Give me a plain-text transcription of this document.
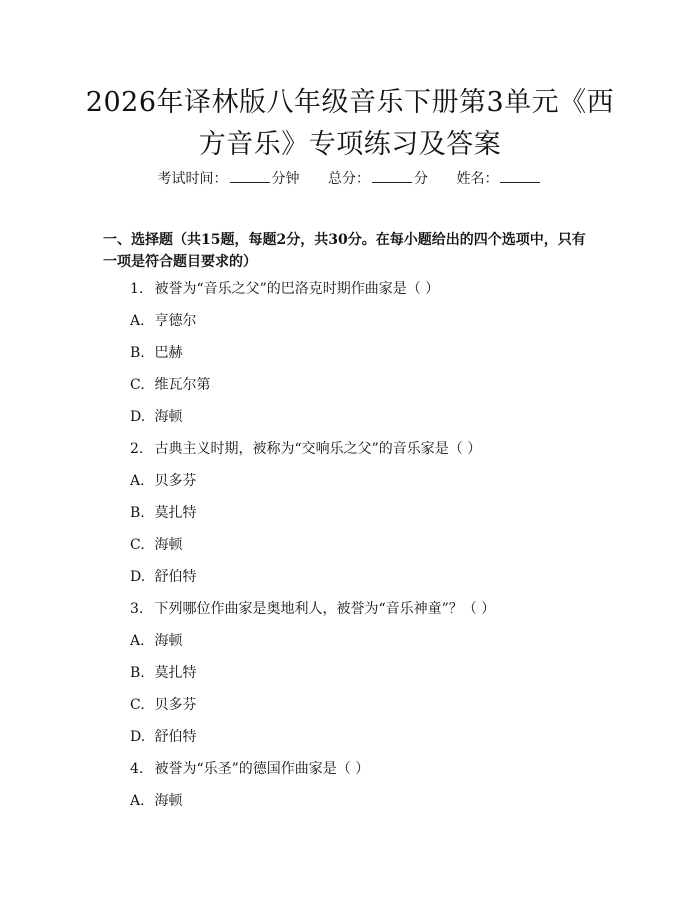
2026年译林版八年级音乐下册第3单元《西
方音乐》专项练习及答案
考试时间：	分钟 总分：	分 姓名：
一、选择题（共15题，每题2分，共30分。在每小题给出的四个选项中，只有
一项是符合题目要求的）
1. 被誉为“音乐之父”的巴洛克时期作曲家是（ ）
A. 亨德尔
B. 巴赫
C. 维瓦尔第
D. 海顿
2. 古典主义时期，被称为“交响乐之父”的音乐家是（ ）
A. 贝多芬
B. 莫扎特
C. 海顿
D. 舒伯特
3. 下列哪位作曲家是奥地利人，被誉为“音乐神童”？（ ）
A. 海顿
B. 莫扎特
C. 贝多芬
D. 舒伯特
4. 被誉为“乐圣”的德国作曲家是（ ）
A. 海顿
